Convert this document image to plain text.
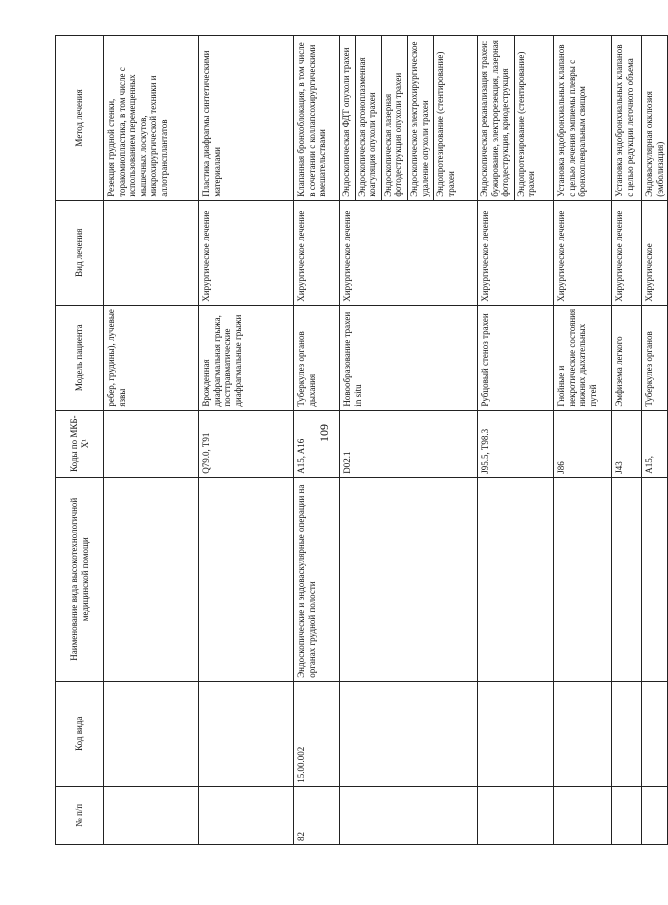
109
№ п/п	Код вида	Наименование вида высокотехнологичной медицинской помощи	Коды по МКБ-Х¹	Модель пациента	Вид лечения	Метод лечения
				ребер, грудины), лучевые язвы		Резекция грудной стенки, торакомиопластика, в том числе с использованием перемещенных мышечных лоскутов, микрохирургической техники и аллотрансплантатов
			Q79.0, T91	Врожденная диафрагмальная грыжа, посттравматические диафрагмальные грыжи	Хирургическое лечение	Пластика диафрагмы синтетическими материалами
82	15.00.002	Эндоскопические и эндоваскулярные операции на органах грудной полости	A15, A16	Туберкулез органов дыхания	Хирургическое лечение	Клапанная бронхоблокация, в том числе в сочетании с коллапсохирургическими вмешательствами
			D02.1	Новообразование трахеи in situ	Хирургическое лечение	Эндоскопическая ФДТ опухоли трахеи Эндоскопическая аргоноплазменная коагуляция опухоли трахеи Эндоскопическая лазерная фотодеструкция опухоли трахеи Эндоскопическое электрохирургическое удаление опухоли трахеи Эндопротезирование (стентирование) трахеи

			J95.5, T98.3	Рубцовый стеноз трахеи	Хирургическое лечение	Эндоскопическая реканализация трахеи: бужирование, электрорезекция, лазерная фотодеструкция, криодеструкция Эндопротезирование (стентирование) трахеи

			J86	Гнойные и некротические состояния нижних дыхательных путей	Хирургическое лечение	Установка эндобронхиальных клапанов с целью лечения эмпиемы плевры с бронхоплевральным свищом
			J43	Эмфизема легкого	Хирургическое лечение	Установка эндобронхиальных клапанов с целью редукции легочного объема
			A15,	Туберкулез органов	Хирургическое	Эндоваскулярная окклюзия (эмболизация)
